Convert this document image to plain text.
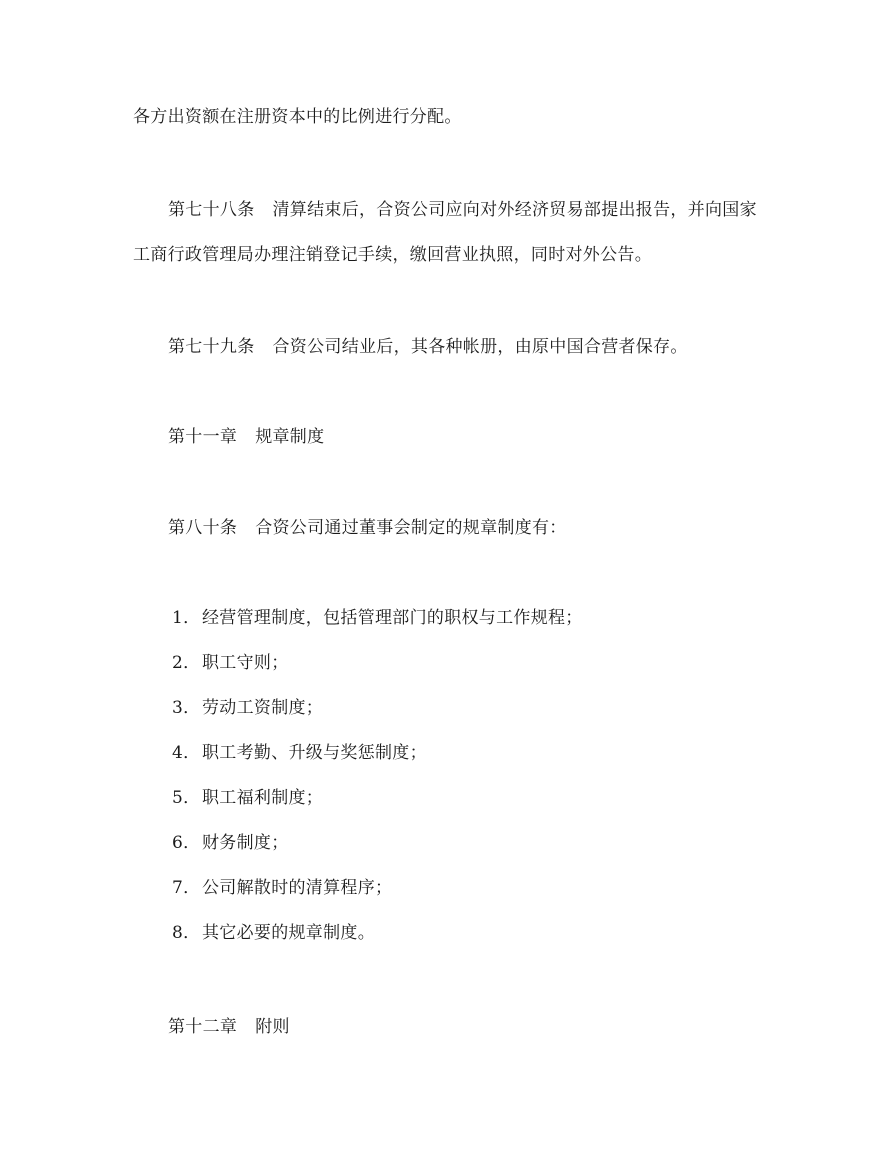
各方出资额在注册资本中的比例进行分配。
第七十八条 清算结束后，合资公司应向对外经济贸易部提出报告，并向国家
工商行政管理局办理注销登记手续，缴回营业执照，同时对外公告。
第七十九条 合资公司结业后，其各种帐册，由原中国合营者保存。
第十一章 规章制度
第八十条 合资公司通过董事会制定的规章制度有：
1．经营管理制度，包括管理部门的职权与工作规程；
2．职工守则；
3．劳动工资制度；
4．职工考勤、升级与奖惩制度；
5．职工福利制度；
6．财务制度；
7．公司解散时的清算程序；
8．其它必要的规章制度。
第十二章 附则
